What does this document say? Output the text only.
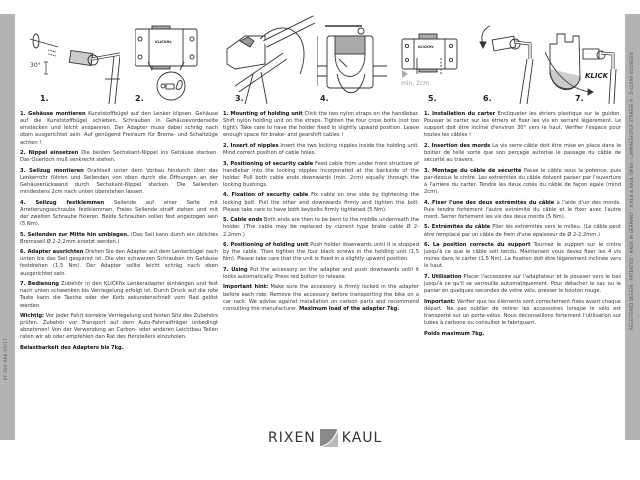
KF 300 RAK 05/17
REGISTERED DESIGN · PATENTED · MADE IN GERMANY · RIXEN & KAUL GMBH · LIMMINGHOFER STRASSE 9 · D-42699 SOLINGEN
30°
1.
KLICKfix
2.	3.	4.
KLICKfix
min. 2cm
5.	6.
KLICK
7.

1. Gehäuse montieren Kunststoffbügel auf den Lenker klipsen. Gehäuse auf die Kunststoffbügel schieben. Schrauben in Gehäusevorderseite einstecken und leicht anspannen. Der Adapter muss dabei schräg nach oben ausgerichtet sein. Auf genügend Freiraum für Brems- und Schaltzüge achten !

2. Nippel einsetzen Die beiden Sechskant-Nippel ins Gehäuse stecken. Das Querloch muß senkrecht stehen.

3. Seilzug montieren Drahtseil unter dem Vorbau hindurch über das Lenkerrohr führen und Seilenden von oben durch die Öffnungen an der Gehäuserückwand durch Sechskant-Nippel stecken. Die Seilenden mindestens 2cm nach unten überstehen lassen.

4. Seilzug festklemmen Seilende auf einer Seite mit Arretierungsschraube festklemmen. Freies Seilende straff ziehen und mit der zweiten Schraube fixieren. Beide Schrauben sollen fest angezogen sein (5 Nm).

5. Seilenden zur Mitte hin umbiegen. (Das Seil kann durch ein übliches Bremsseil Ø 2-2,2mm ersetzt werden.)

6. Adapter ausrichten Drehen Sie den Adapter auf dem Lenkerbügel nach unten bis das Seil gespannt ist. Die vier schwarzen Schrauben im Gehäuse festdrehen (1,5 Nm). Der Adapter sollte leicht schräg nach oben ausgerichtet sein.

7. Bedienung Zubehör in den KLICKfix Lenkeradapter einhängen und fest nach unten schwenken bis Verriegelung erfolgt ist. Durch Druck auf die rote Taste kann die Tasche oder der Korb sekundenschnell vom Rad gelöst werden.

Wichtig: Vor jeder Fahrt korrekte Verriegelung und festen Sitz des Zubehörs prüfen. Zubehör vor Transport auf dem Auto-Fahrradträger unbedingt abnehmen! Von der Verwendung an Carbon- oder anderen Leichtbau Teilen raten wir ab oder empfehlen den Rat des Herstellers einzuholen.

Belastbarkeit des Adapters bis 7kg.

1. Mounting of holding unit Click the two nylon straps on the handlebar. Shift nylon holding unit on the straps. Tighten the four cross bolts (not too tight). Take care to have the holder fixed in slightly upward position. Leave enough space for brake- and gearshift cables !

2. Insert of nipples Insert the two locking nipples inside the holding unit. Mind correct position of cable holes.

3. Positioning of security cable Feed cable from under front structure of handlebar into the locking nipples incorporated at the backside of the holder. Pull both cable ends downwards (min. 2cm) equally through the locking bushings.

4. Fixation of security cable Fix cable on one side by tightening the locking bolt. Pull the other end downwards firmly and tighten the bolt. Please take care to have both keybolts firmly tightened (5 Nm).

5. Cable ends Both ends are then to be bent to the middle underneath the holder. (The cable may be replaced by current type brake cable Ø 2-2.2mm.)

6. Positioning of holding unit Push holder downwards until it is stopped by the cable. Then tighten the four black screws in the holding unit (1,5 Nm). Please take care that the unit is fixed in a slightly upward position.

7. Using Put the accessory on the adapter and push downwards until it locks automatically. Press red button to release.

Important hint: Make sure the accessory is firmly locked in the adapter before each ride. Remove the accessory before transporting the bike on a car rack. We advise against installation on carbon parts and recommend consulting the manufacturer. Maximum load of the adapter 7kg.

1. Installation du carter Encliqueter les étriers plastique sur le guidon. Pousser le carter sur les étriers et fixer les vis en serrant légèrement. Le support doit être incliné d'environ 30° vers le haut. Vérifier l'espace pour toutes les câbles !

2. Insertion des mords La vis serre-câble doit être mise en place dans le boitier de telle sorte que son perçage autorise le passage du câble de sécurité au travers.

3. Montage du câble de sécurité Passe le câble sous la potence, puis par-dessus le cintre. Les extrémités du câble doivent passer par l'ouverture à l'arrière du carter. Tendre les deux cotés du câble de façon égale (mind 2cm).

4. Fixer l'une des deux extrémités du câble à l'aide d'un des mords. Puis tendre fortement l'autre extrémité du câble et le fixer avec l'autre mord. Serrer fortement les vis des deux mords (5 Nm).

5. Extrémités du câble Plier les extrémités vers le milieu. (Le câble peut être remplacé par un câble de frein d'une épaisseur de Ø 2-2.2mm.)

6. La position correcte du support Tournez le support sur le cintre jusqu'à ce que le câble soit tendu. Maintenant vous devez fixer les 4 vis noires dans le carter (1,5 Nm). La fixation doit être légèrement inclinée vers le haut.

7. Utilisation Placer l'accessoire sur l'adaptateur et le pousser vers le bas jusqu'à ce qu'il se verrouille automatiquement. Pour détacher le sac ou le panier en quelques secondes de votre vélo, presser le bouton rouge.

Important: Vérifier que les éléments sont correctement fixés avant chaque départ. Ne pas oublier de retirer les accessoires lorsque le vélo est transporté sur un porte-vélos. Nous déconseillons fortement l'utilisation sur tubes à carbone ou consultez le fabriquant.

Poids maximum 7kg.

RIXEN KAUL
